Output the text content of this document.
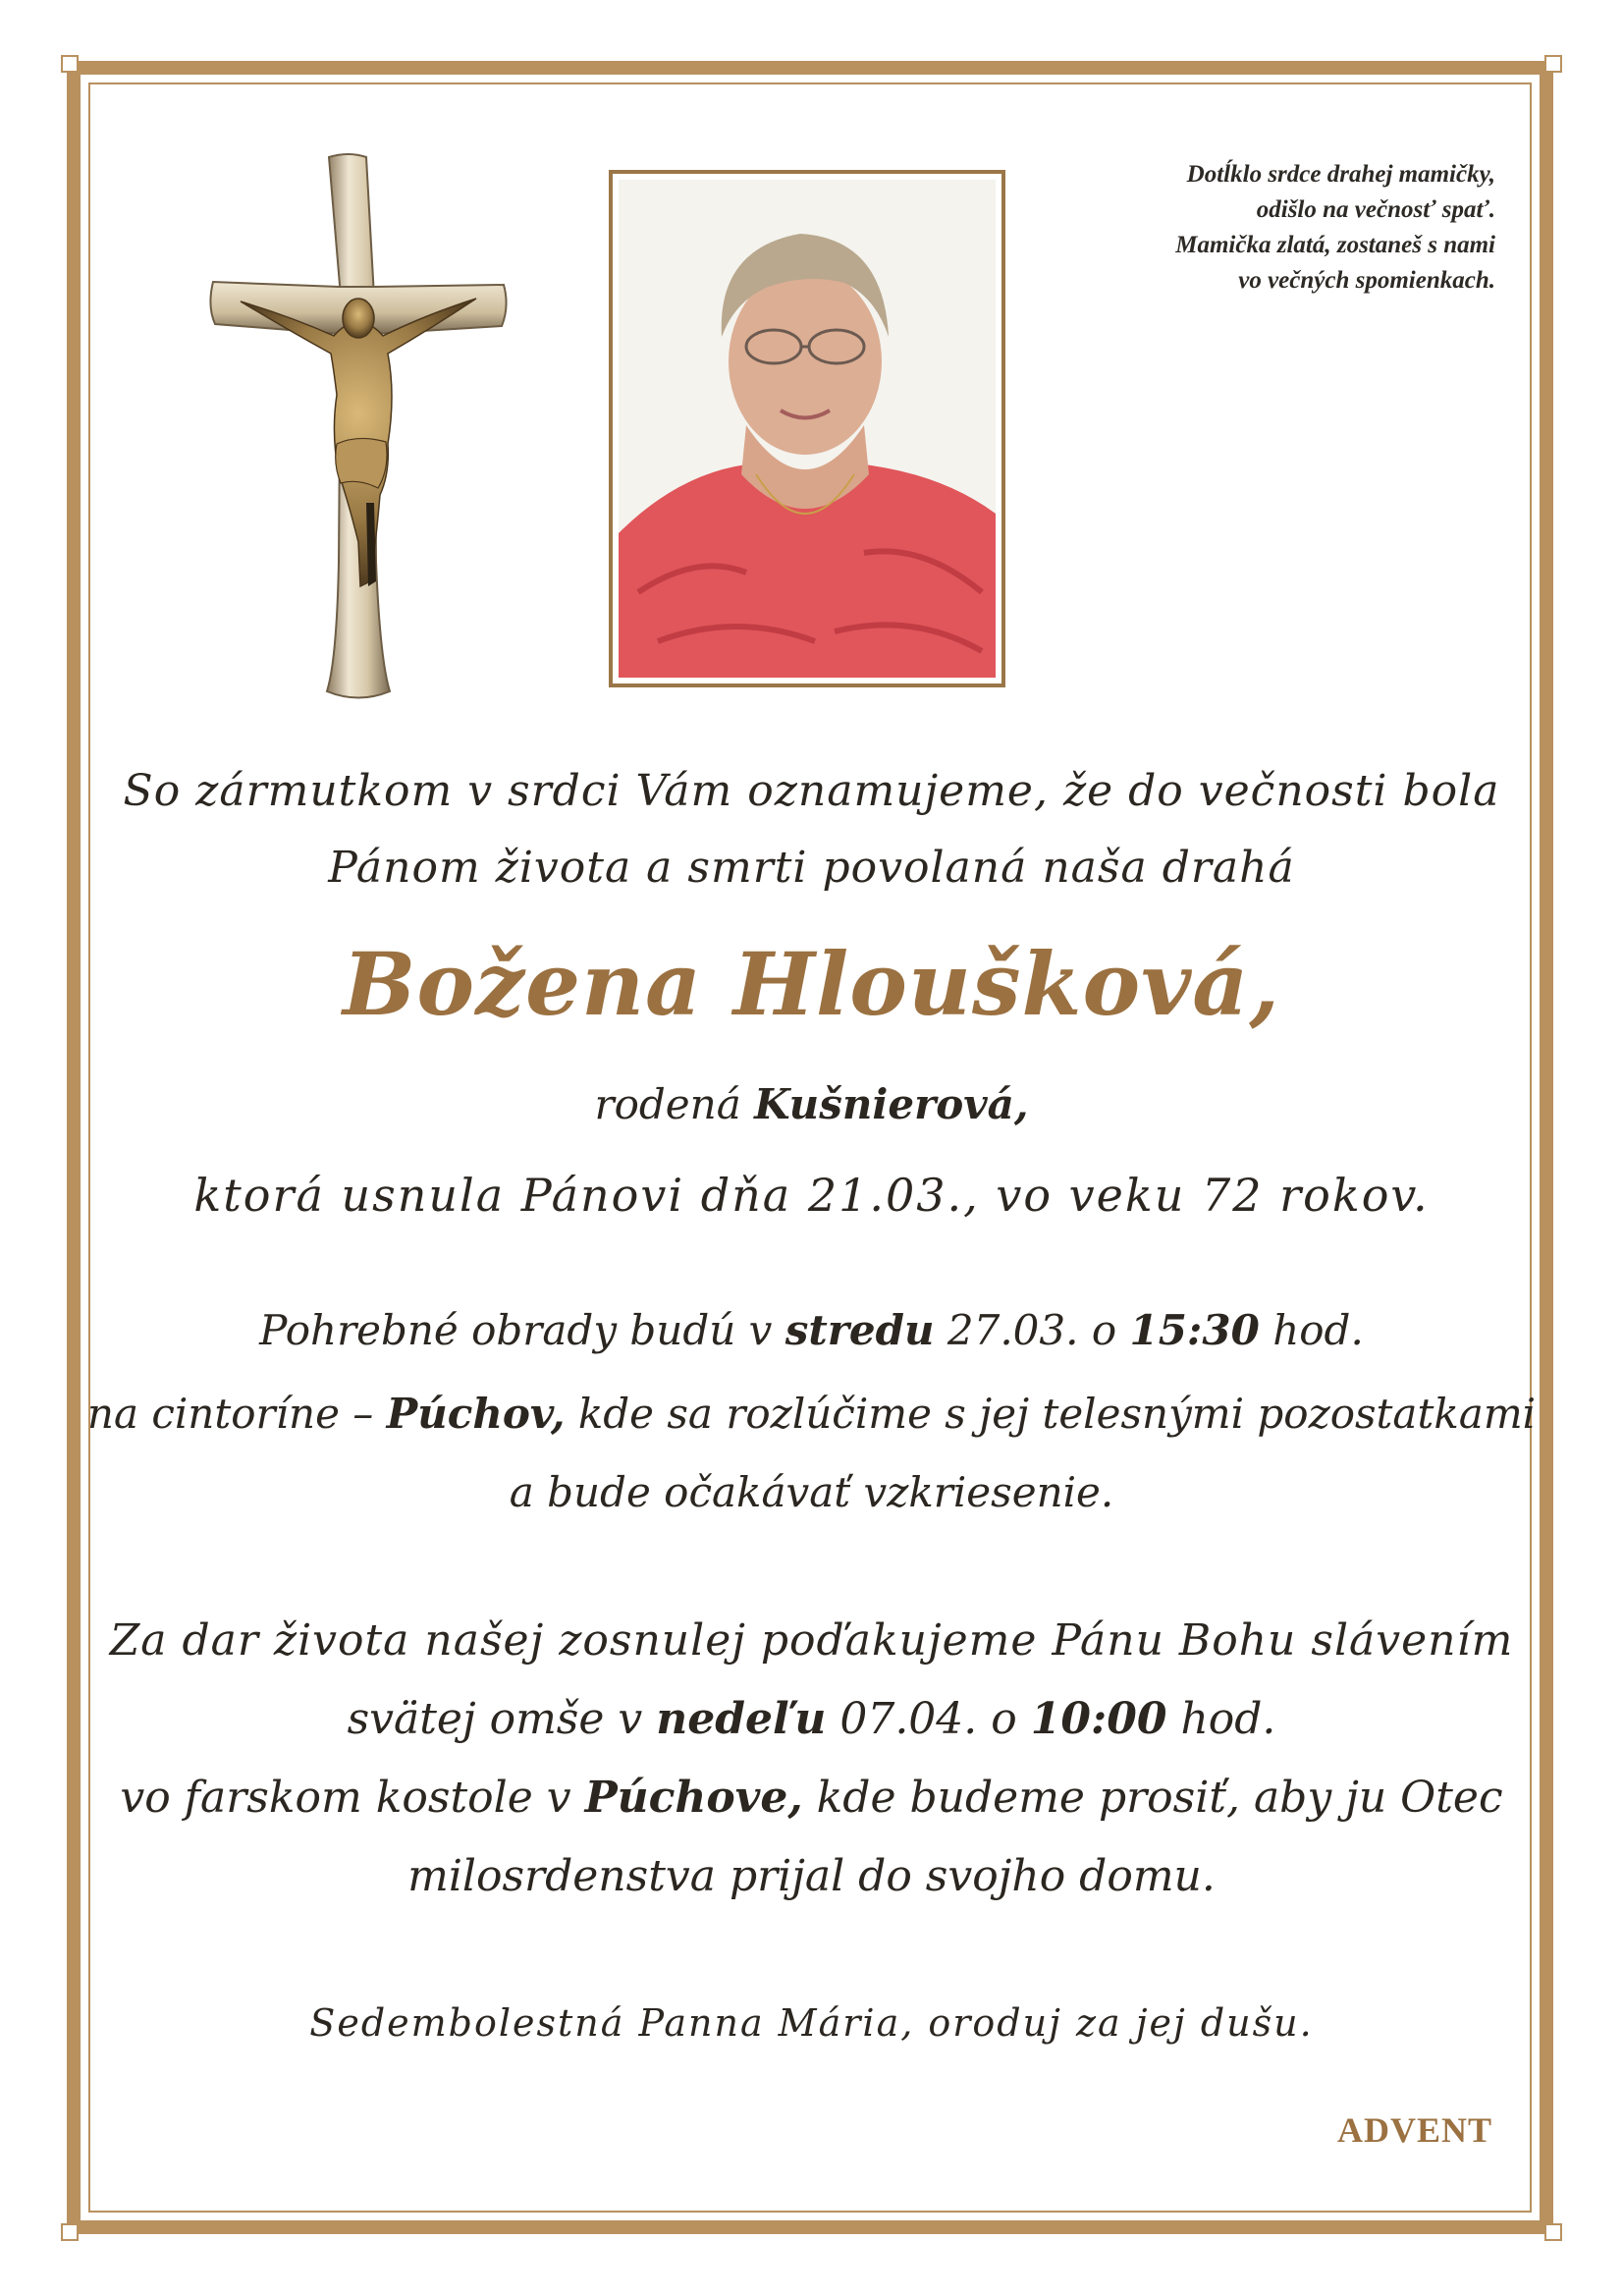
Dotĺklo srdce drahej mamičky,
odišlo na večnosť spať.
Mamička zlatá, zostaneš s nami
vo večných spomienkach.
So zármutkom v srdci Vám oznamujeme, že do večnosti bola
Pánom života a smrti povolaná naša drahá
Božena Hloušková,
rodená Kušnierová,
ktorá usnula Pánovi dňa 21.03., vo veku 72 rokov.
Pohrebné obrady budú v stredu 27.03. o 15:30 hod.
na cintoríne – Púchov, kde sa rozlúčime s jej telesnými pozostatkami
a bude očakávať vzkriesenie.
Za dar života našej zosnulej poďakujeme Pánu Bohu slávením
svätej omše v nedeľu 07.04. o 10:00 hod.
vo farskom kostole v Púchove, kde budeme prosiť, aby ju Otec
milosrdenstva prijal do svojho domu.
Sedembolestná Panna Mária, oroduj za jej dušu.
ADVENT
